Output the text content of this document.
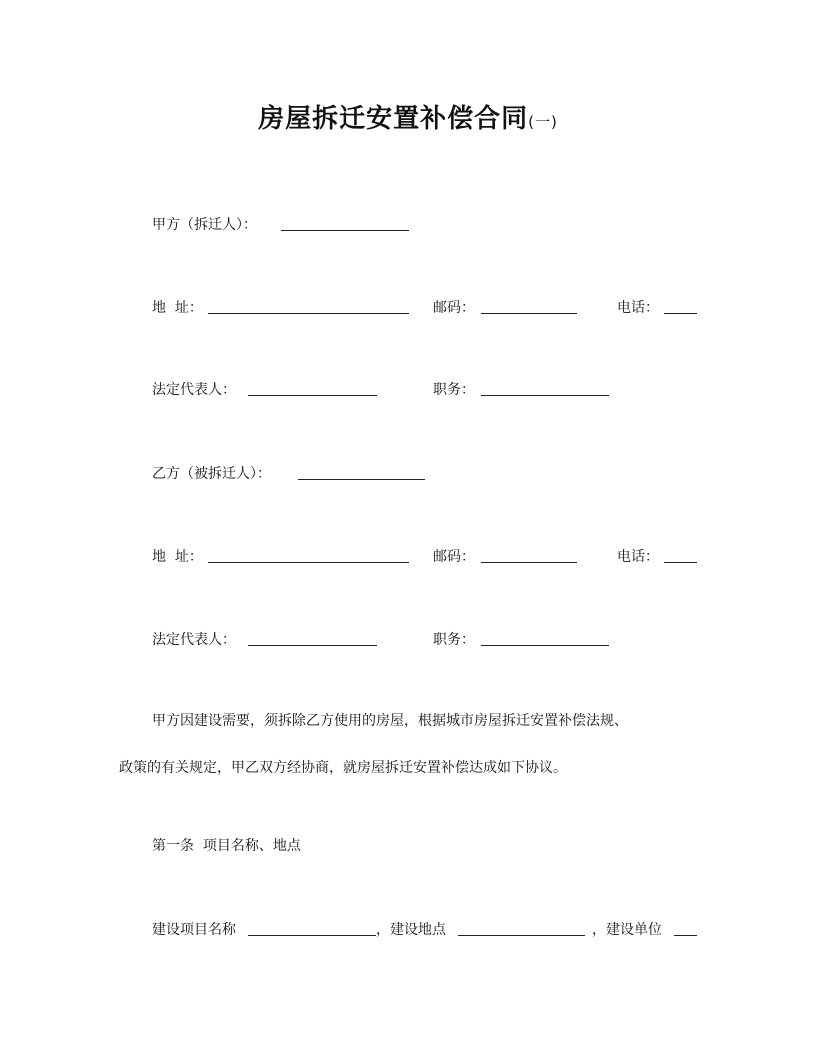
房屋拆迁安置补偿合同(一)
甲方（拆迁人）：
地  址：	邮码：	电话：
法定代表人：	职务：
乙方（被拆迁人）：
地  址：	邮码：	电话：
法定代表人：	职务：
甲方因建设需要，须拆除乙方使用的房屋，根据城市房屋拆迁安置补偿法规、
政策的有关规定，甲乙双方经协商，就房屋拆迁安置补偿达成如下协议。
第一条  项目名称、地点
建设项目名称	，建设地点	，建设单位
